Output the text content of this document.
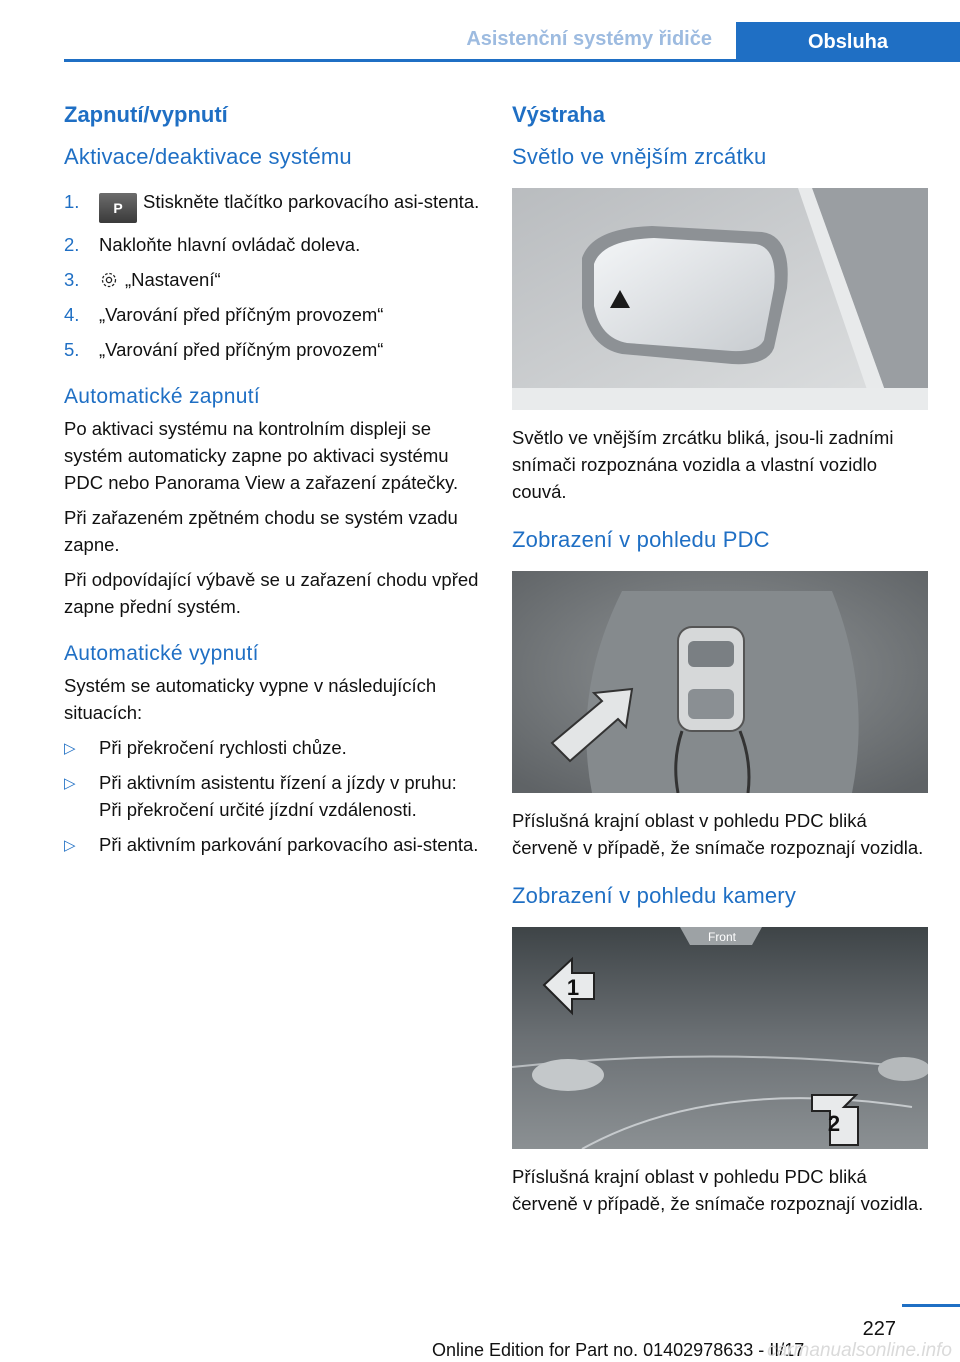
Asistenční systémy řidiče	Obsluha
Zapnutí/vypnutí
Aktivace/deaktivace systému
1. P Stiskněte tlačítko parkovacího asi-stenta.
2. Nakloňte hlavní ovládač doleva.
3. „Nastavení“
4. „Varování před příčným provozem“
5. „Varování před příčným provozem“
Automatické zapnutí

Po aktivaci systému na kontrolním displeji se systém automaticky zapne po aktivaci systému PDC nebo Panorama View a zařazení zpátečky.

Při zařazeném zpětném chodu se systém vzadu zapne.

Při odpovídající výbavě se u zařazení chodu vpřed zapne přední systém.

Automatické vypnutí

Systém se automaticky vypne v následujících situacích:

▷ Při překročení rychlosti chůze.
▷ Při aktivním asistentu řízení a jízdy v pruhu: Při překročení určité jízdní vzdálenosti.
▷ Při aktivním parkování parkovacího asi-stenta.
Výstraha
Světlo ve vnějším zrcátku

Světlo ve vnějším zrcátku bliká, jsou-li zadními snímači rozpoznána vozidla a vlastní vozidlo couvá.

Zobrazení v pohledu PDC

Příslušná krajní oblast v pohledu PDC bliká červeně v případě, že snímače rozpoznají vozidla.

Zobrazení v pohledu kamery
Front
1
2

Příslušná krajní oblast v pohledu PDC bliká červeně v případě, že snímače rozpoznají vozidla.

227
Online Edition for Part no. 01402978633 - II/17
carmanualsonline.info
